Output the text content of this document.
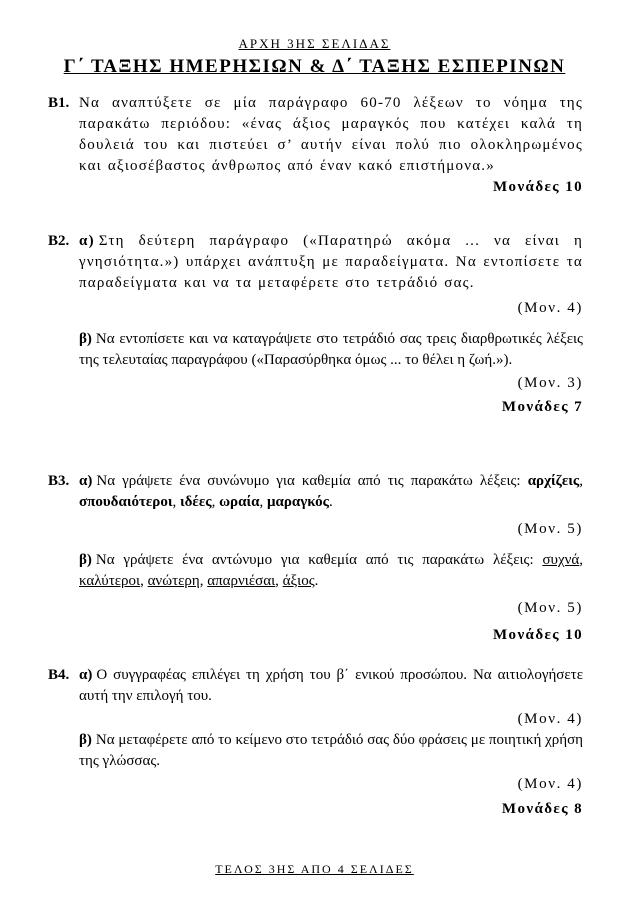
ΑΡΧΗ 3ΗΣ ΣΕΛΙΔΑΣ
Γ΄ ΤΑΞΗΣ ΗΜΕΡΗΣΙΩΝ & Δ΄ ΤΑΞΗΣ ΕΣΠΕΡΙΝΩΝ
Β1. Να αναπτύξετε σε μία παράγραφο 60-70 λέξεων το νόημα της παρακάτω περιόδου: «ένας άξιος μαραγκός που κατέχει καλά τη δουλειά του και πιστεύει σ’ αυτήν είναι πολύ πιο ολοκληρωμένος και αξιοσέβαστος άνθρωπος από έναν κακό επιστήμονα.»
Μονάδες 10
Β2. α) Στη δεύτερη παράγραφο («Παρατηρώ ακόμα ... να είναι η γνησιότητα.») υπάρχει ανάπτυξη με παραδείγματα. Να εντοπίσετε τα παραδείγματα και να τα μεταφέρετε στο τετράδιό σας.
(Μον. 4)
β) Να εντοπίσετε και να καταγράψετε στο τετράδιό σας τρεις διαρθρωτικές λέξεις της τελευταίας παραγράφου («Παρασύρθηκα όμως ... το θέλει η ζωή.»).
(Μον. 3)
Μονάδες 7
Β3. α) Να γράψετε ένα συνώνυμο για καθεμία από τις παρακάτω λέξεις: αρχίζεις, σπουδαιότεροι, ιδέες, ωραία, μαραγκός.
(Μον. 5)
β) Να γράψετε ένα αντώνυμο για καθεμία από τις παρακάτω λέξεις: συχνά, καλύτεροι, ανώτερη, απαρνιέσαι, άξιος.
(Μον. 5)
Μονάδες 10
Β4. α) Ο συγγραφέας επιλέγει τη χρήση του β΄ ενικού προσώπου. Να αιτιολογήσετε αυτή την επιλογή του.
(Μον. 4)
β) Να μεταφέρετε από το κείμενο στο τετράδιό σας δύο φράσεις με ποιητική χρήση της γλώσσας.
(Μον. 4)
Μονάδες 8
ΤΕΛΟΣ 3ΗΣ ΑΠΟ 4 ΣΕΛΙΔΕΣ
